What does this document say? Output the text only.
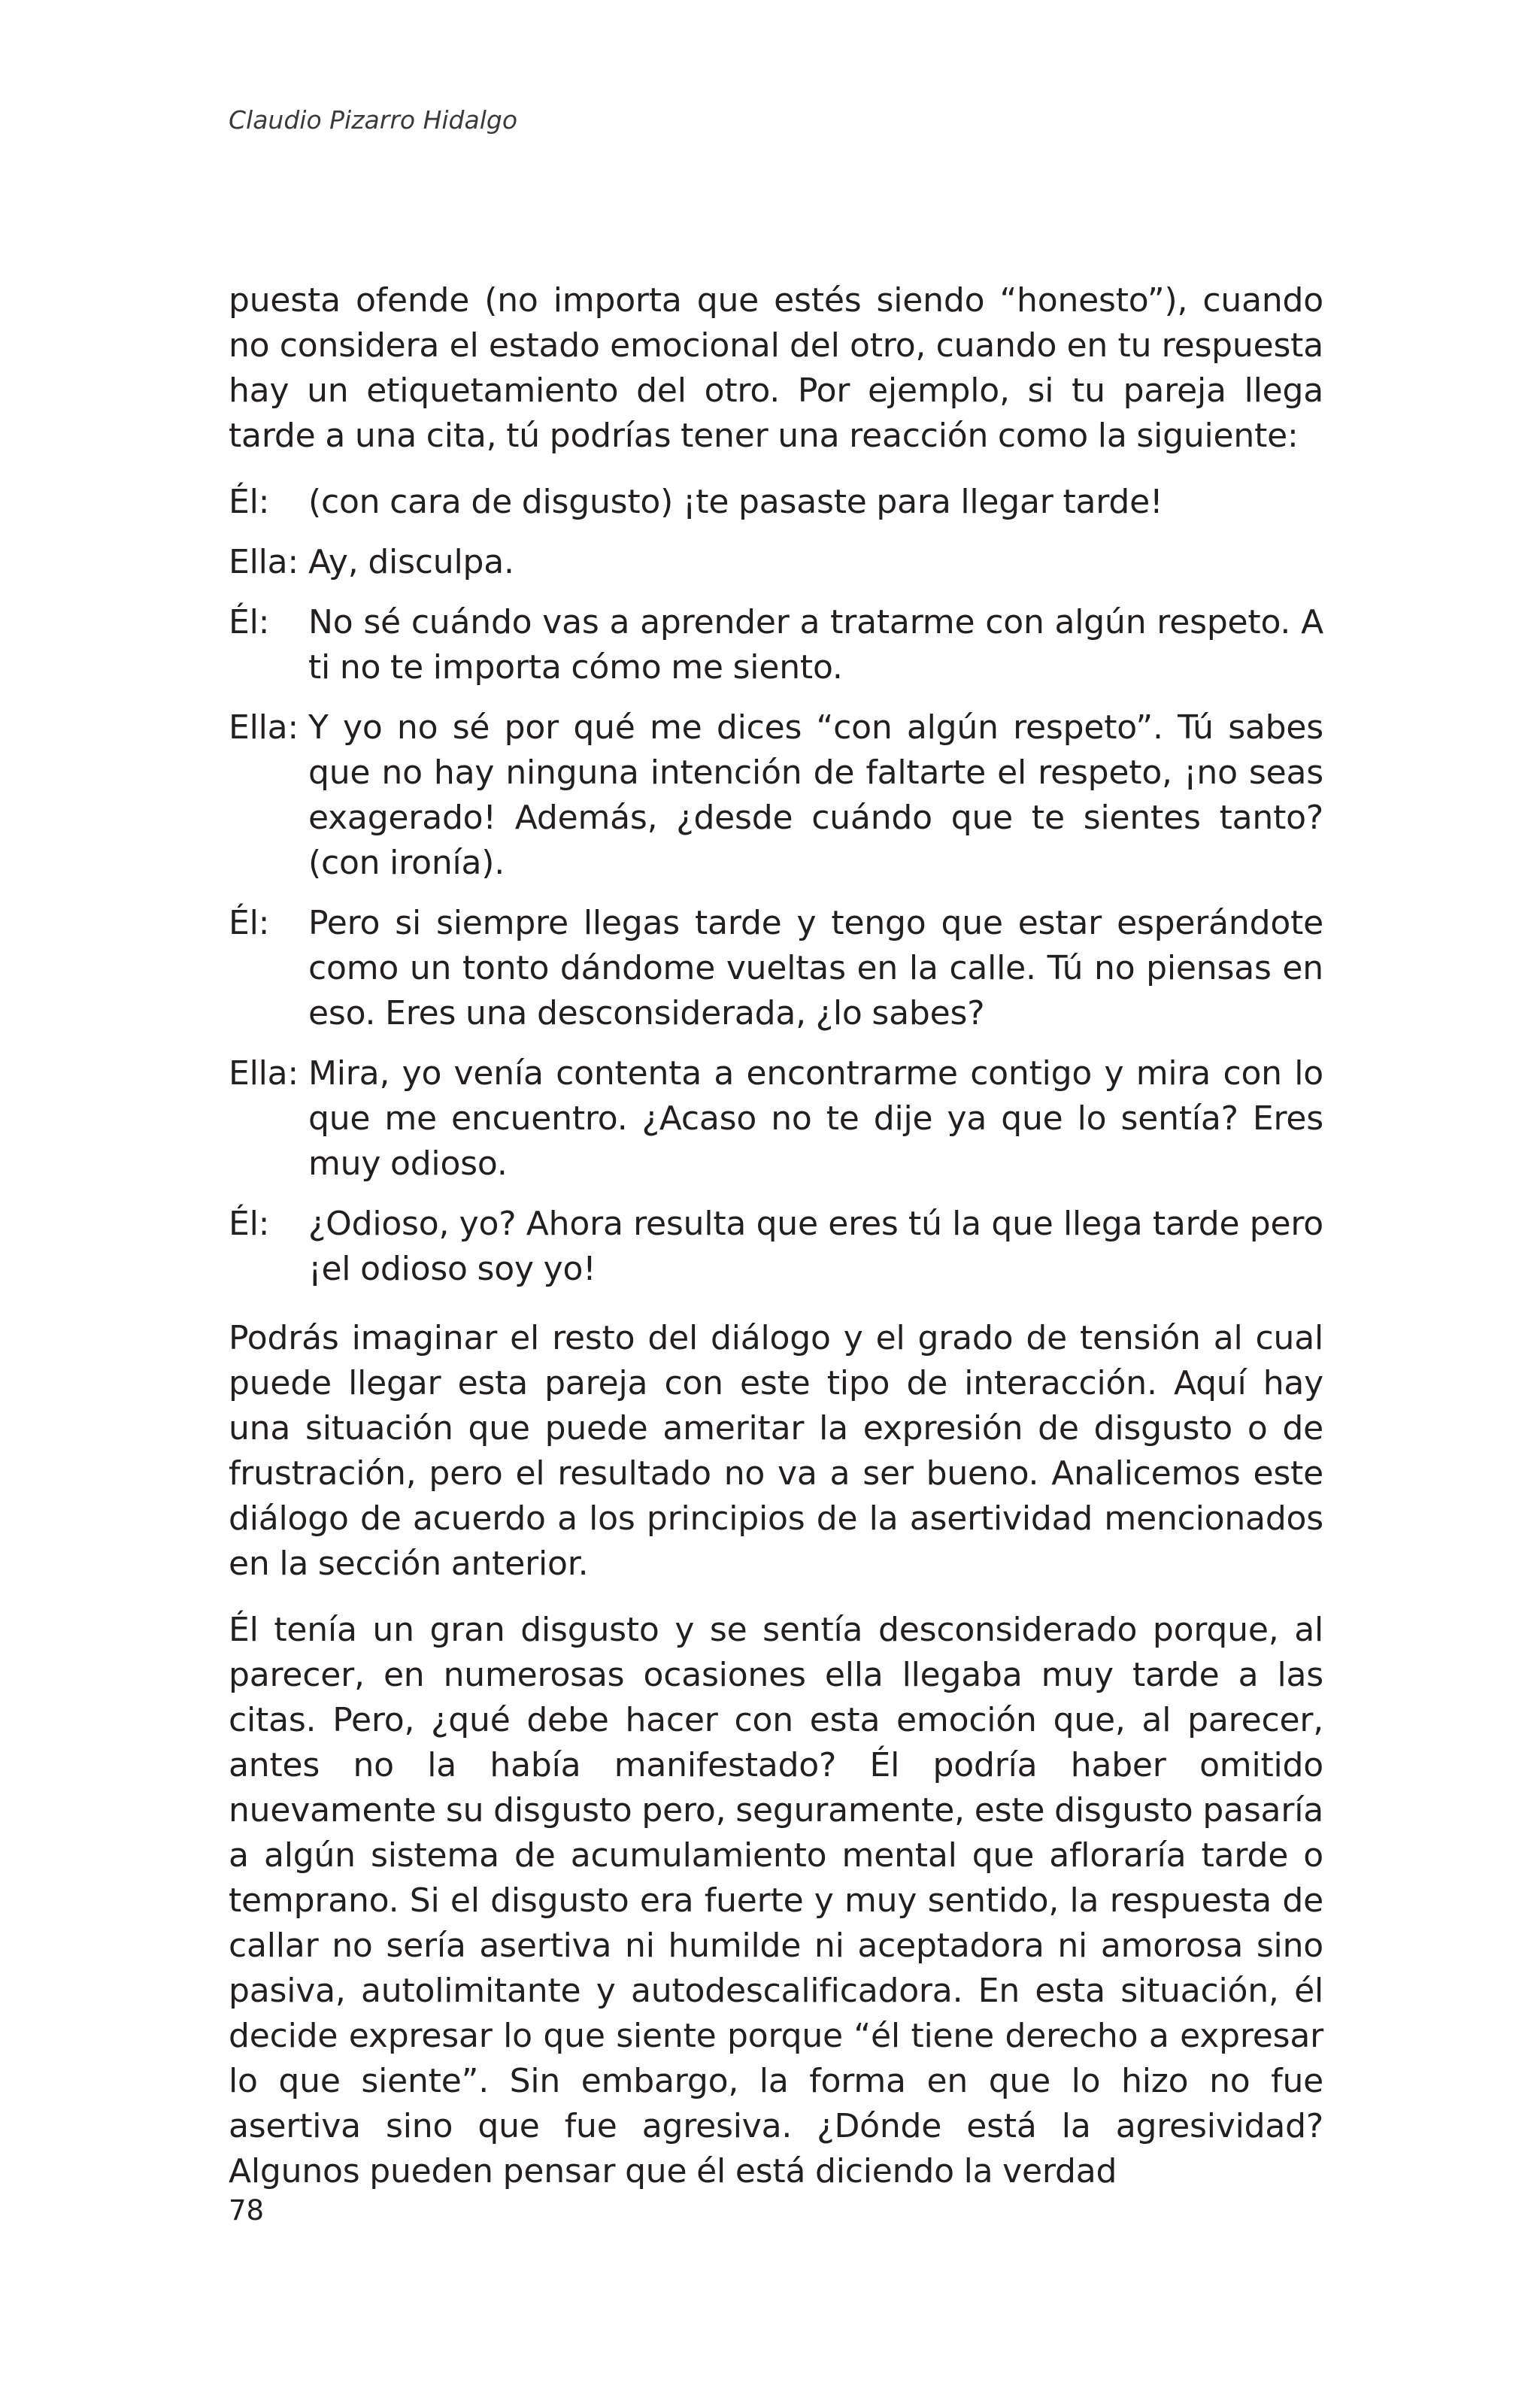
Claudio Pizarro Hidalgo

puesta ofende (no importa que estés siendo “honesto”), cuando no considera el estado emocional del otro, cuando en tu respuesta hay un etiquetamiento del otro. Por ejemplo, si tu pareja llega tarde a una cita, tú podrías tener una reacción como la siguiente:

Él:	(con cara de disgusto) ¡te pasaste para llegar tarde!
Ella: Ay, disculpa.
Él:	No sé cuándo vas a aprender a tratarme con algún respeto. A ti no te importa cómo me siento.
Ella: Y yo no sé por qué me dices “con algún respeto”. Tú sabes que no hay ninguna intención de faltarte el respeto, ¡no seas exagerado! Además, ¿desde cuándo que te sientes tanto? (con ironía).
Él:	Pero si siempre llegas tarde y tengo que estar esperándote como un tonto dándome vueltas en la calle. Tú no piensas en eso. Eres una desconsiderada, ¿lo sabes?
Ella: Mira, yo venía contenta a encontrarme contigo y mira con lo que me encuentro. ¿Acaso no te dije ya que lo sentía? Eres muy odioso.
Él:	¿Odioso, yo? Ahora resulta que eres tú la que llega tarde pero ¡el odioso soy yo!

Podrás imaginar el resto del diálogo y el grado de tensión al cual puede llegar esta pareja con este tipo de interacción. Aquí hay una situación que puede ameritar la expresión de disgusto o de frustración, pero el resultado no va a ser bueno. Analicemos este diálogo de acuerdo a los principios de la asertividad mencionados en la sección anterior.

Él tenía un gran disgusto y se sentía desconsiderado porque, al parecer, en numerosas ocasiones ella llegaba muy tarde a las citas. Pero, ¿qué debe hacer con esta emoción que, al parecer, antes no la había manifestado? Él podría haber omitido nuevamente su disgusto pero, seguramente, este disgusto pasaría a algún sistema de acumulamiento mental que afloraría tarde o temprano. Si el disgusto era fuerte y muy sentido, la respuesta de callar no sería asertiva ni humilde ni aceptadora ni amorosa sino pasiva, autolimitante y autodescalificadora. En esta situación, él decide expresar lo que siente porque “él tiene derecho a expresar lo que siente”. Sin embargo, la forma en que lo hizo no fue asertiva sino que fue agresiva. ¿Dónde está la agresividad? Algunos pueden pensar que él está diciendo la verdad

78
